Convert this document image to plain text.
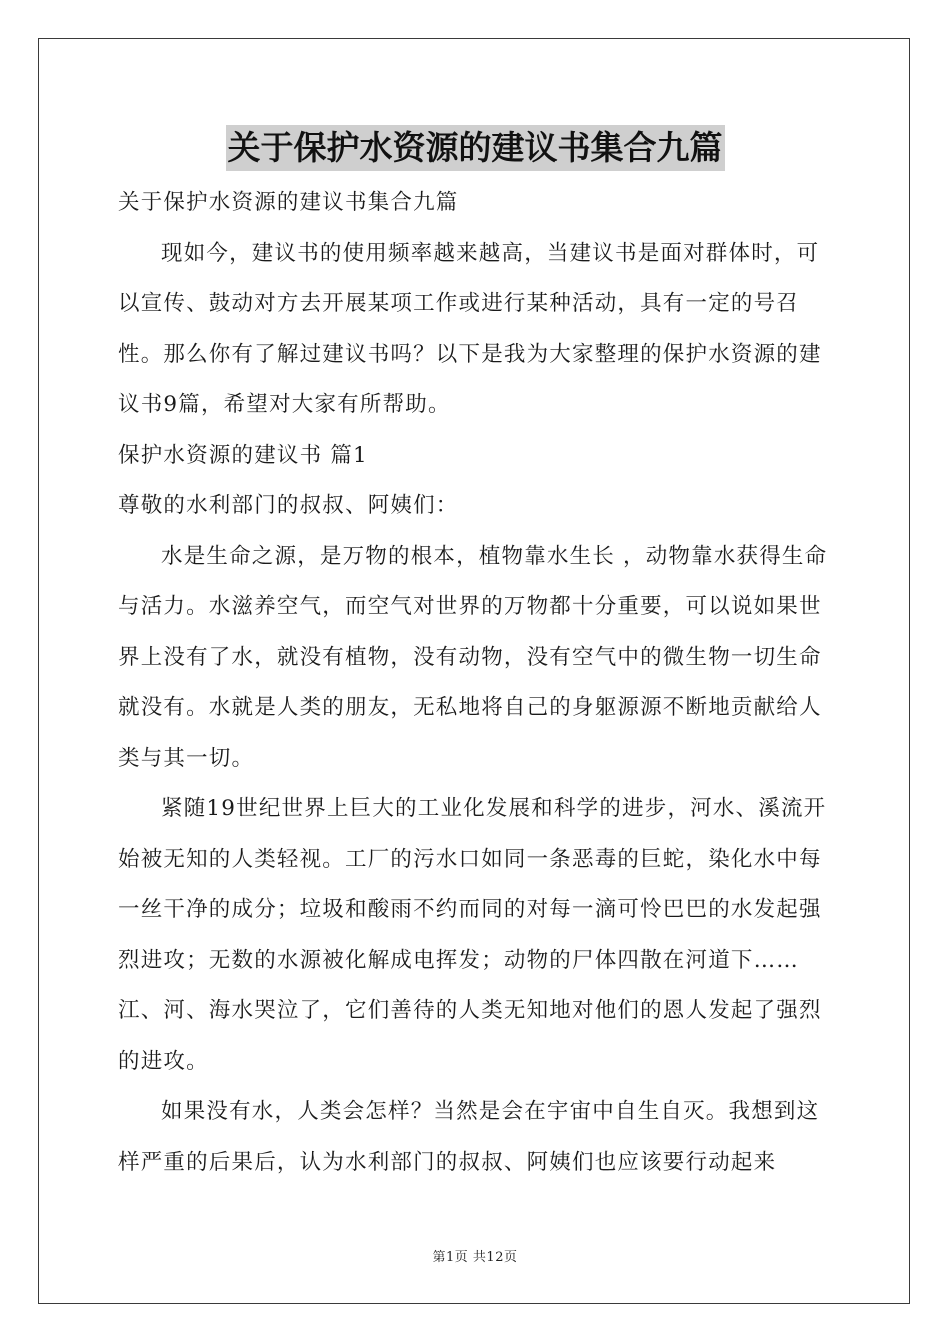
关于保护水资源的建议书集合九篇

关于保护水资源的建议书集合九篇

现如今，建议书的使用频率越来越高，当建议书是面对群体时，可以宣传、鼓动对方去开展某项工作或进行某种活动，具有一定的号召性。那么你有了解过建议书吗？以下是我为大家整理的保护水资源的建议书9篇，希望对大家有所帮助。

保护水资源的建议书 篇1

尊敬的水利部门的叔叔、阿姨们：

水是生命之源，是万物的根本，植物靠水生长 ，动物靠水获得生命与活力。水滋养空气，而空气对世界的万物都十分重要，可以说如果世界上没有了水，就没有植物，没有动物，没有空气中的微生物一切生命就没有。水就是人类的朋友，无私地将自己的身躯源源不断地贡献给人类与其一切。

紧随19世纪世界上巨大的工业化发展和科学的进步，河水、溪流开始被无知的人类轻视。工厂的污水口如同一条恶毒的巨蛇，染化水中每一丝干净的成分；垃圾和酸雨不约而同的对每一滴可怜巴巴的水发起强烈进攻；无数的水源被化解成电挥发；动物的尸体四散在河道下……江、河、海水哭泣了，它们善待的人类无知地对他们的恩人发起了强烈的进攻。

如果没有水，人类会怎样？当然是会在宇宙中自生自灭。我想到这样严重的后果后，认为水利部门的叔叔、阿姨们也应该要行动起来

第1页 共12页
